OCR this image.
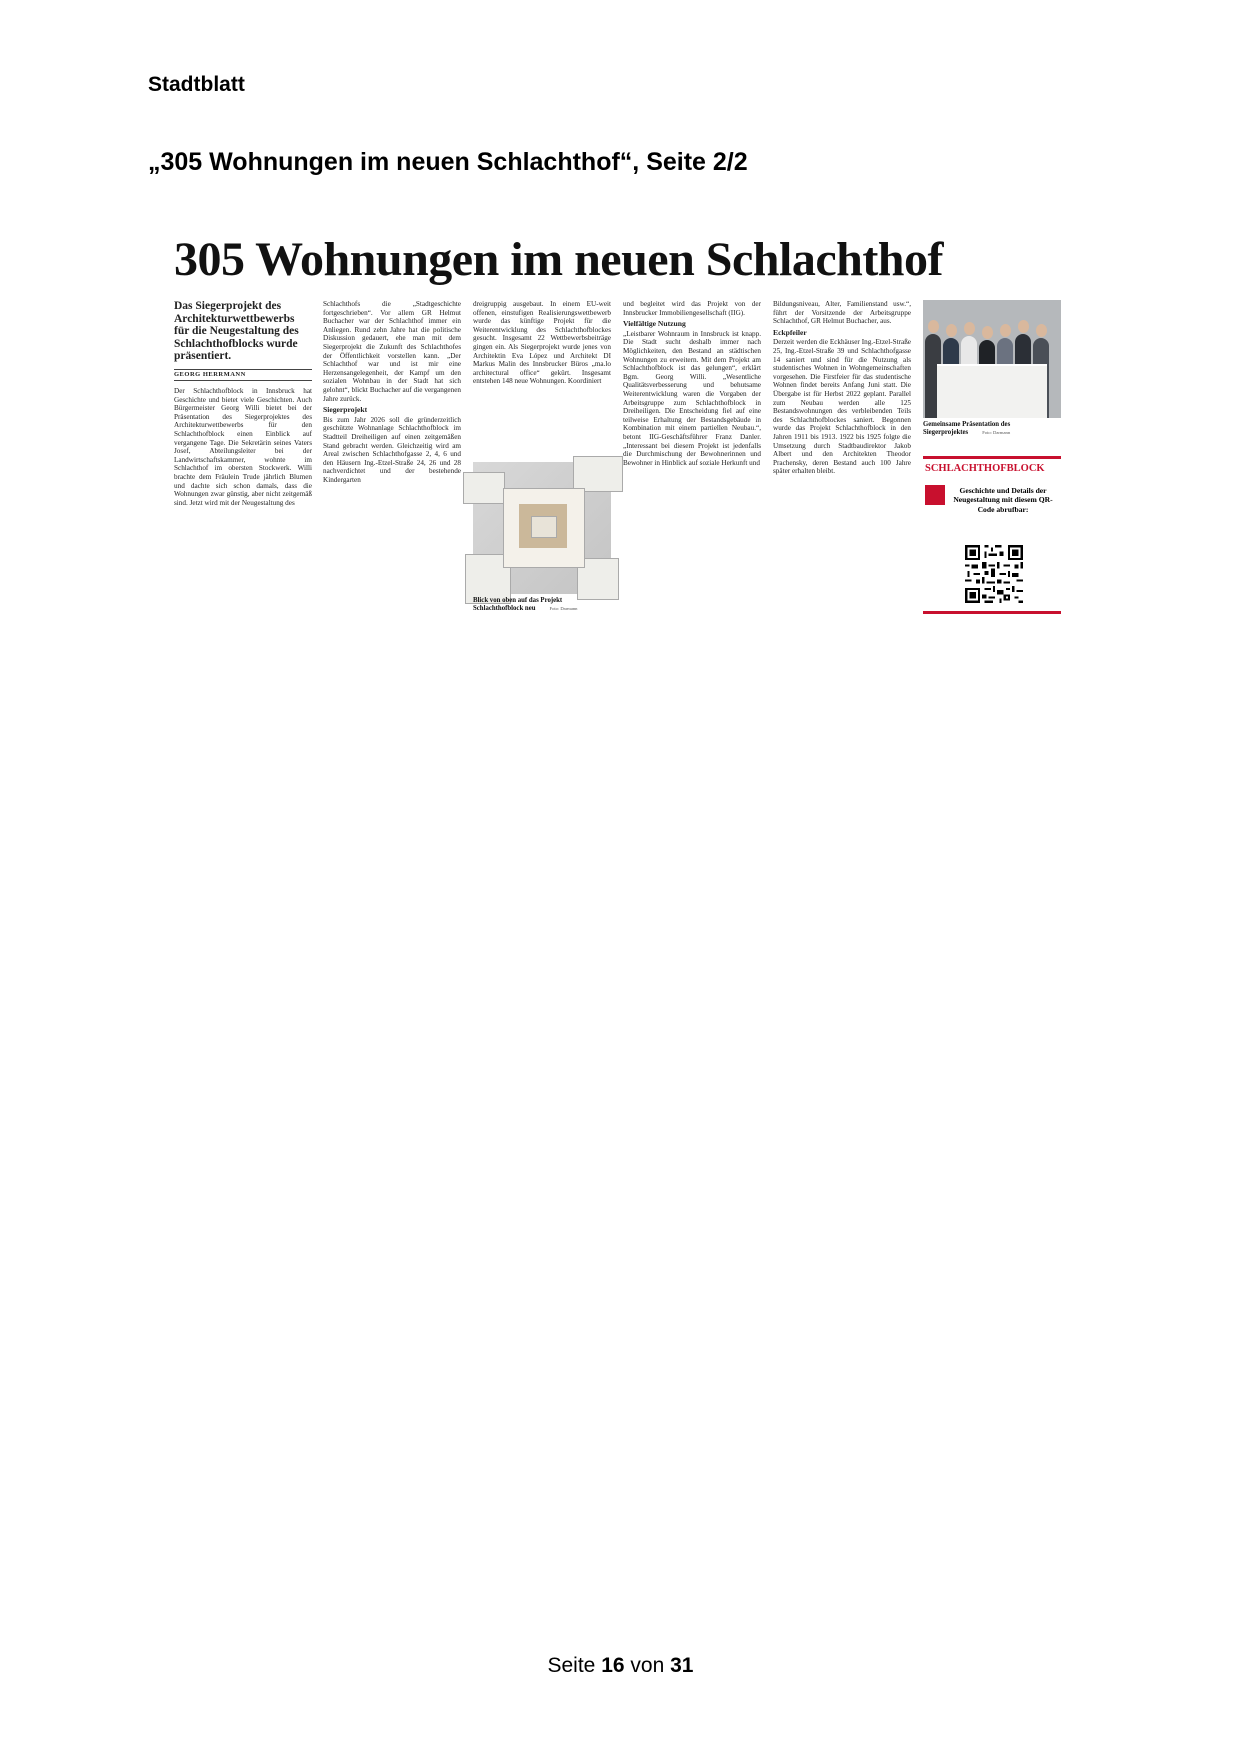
Stadtblatt
„305 Wohnungen im neuen Schlachthof“, Seite 2/2
305 Wohnungen im neuen Schlachthof
Das Siegerprojekt des Architekturwettbewerbs für die Neugestaltung des Schlachthofblocks wurde präsentiert.
GEORG HERRMANN

Der Schlachthofblock in Innsbruck hat Geschichte und bietet viele Geschichten. Auch Bürgermeister Georg Willi bietet bei der Präsentation des Siegerprojektes des Architekturwettbewerbs für den Schlachthofblock einen Einblick auf vergangene Tage. Die Sekretärin seines Vaters Josef, Abteilungsleiter bei der Landwirtschaftskammer, wohnte im Schlachthof im obersten Stockwerk. Willi brachte dem Fräulein Trude jährlich Blumen und dachte sich schon damals, dass die Wohnungen zwar günstig, aber nicht zeitgemäß sind. Jetzt wird mit der Neugestaltung des

Schlachthofs die „Stadtgeschichte fortgeschrieben“. Vor allem GR Helmut Buchacher war der Schlachthof immer ein Anliegen. Rund zehn Jahre hat die politische Diskussion gedauert, ehe man mit dem Siegerprojekt die Zukunft des Schlachthofes der Öffentlichkeit vorstellen kann. „Der Schlachthof war und ist mir eine Herzensangelegenheit, der Kampf um den sozialen Wohnbau in der Stadt hat sich gelohnt“, blickt Buchacher auf die vergangenen Jahre zurück.

Siegerprojekt

Bis zum Jahr 2026 soll die gründerzeitlich geschützte Wohnanlage Schlachthofblock im Stadtteil Dreiheiligen auf einen zeitgemäßen Stand gebracht werden. Gleichzeitig wird am Areal zwischen Schlachthofgasse 2, 4, 6 und den Häusern Ing.-Etzel-Straße 24, 26 und 28 nachverdichtet und der bestehende Kindergarten

dreigruppig ausgebaut. In einem EU-weit offenen, einstufigen Realisierungswettbewerb wurde das künftige Projekt für die Weiterentwicklung des Schlachthofblockes gesucht. Insgesamt 22 Wettbewerbsbeiträge gingen ein. Als Siegerprojekt wurde jenes von Architektin Eva López und Architekt DI Markus Malin des Innsbrucker Büros „ma.lo architectural office“ gekürt. Insgesamt entstehen 148 neue Wohnungen. Koordiniert

Blick von oben auf das Projekt Schlachthofblock neu	Foto: Darmann

und begleitet wird das Projekt von der Innsbrucker Immobiliengesellschaft (IIG).

Vielfältige Nutzung

„Leistbarer Wohnraum in Innsbruck ist knapp. Die Stadt sucht deshalb immer nach Möglichkeiten, den Bestand an städtischen Wohnungen zu erweitern. Mit dem Projekt am Schlachthofblock ist das gelungen“, erklärt Bgm. Georg Willi. „Wesentliche Qualitätsverbesserung und behutsame Weiterentwicklung waren die Vorgaben der Arbeitsgruppe zum Schlachthofblock in Dreiheiligen. Die Entscheidung fiel auf eine teilweise Erhaltung der Bestandsgebäude in Kombination mit einem partiellen Neubau.“, betont IIG-Geschäftsführer Franz Danler. „Interessant bei diesem Projekt ist jedenfalls die Durchmischung der Bewohnerinnen und Bewohner in Hinblick auf soziale Herkunft und

Bildungsniveau, Alter, Familienstand usw.“, führt der Vorsitzende der Arbeitsgruppe Schlachthof, GR Helmut Buchacher, aus.

Eckpfeiler

Derzeit werden die Eckhäuser Ing.-Etzel-Straße 25, Ing.-Etzel-Straße 39 und Schlachthofgasse 14 saniert und sind für die Nutzung als studentisches Wohnen in Wohngemeinschaften vorgesehen. Die Firstfeier für das studentische Wohnen findet bereits Anfang Juni statt. Die Übergabe ist für Herbst 2022 geplant. Parallel zum Neubau werden alle 125 Bestandswohnungen des verbleibenden Teils des Schlachthofblockes saniert. Begonnen wurde das Projekt Schlachthofblock in den Jahren 1911 bis 1913. 1922 bis 1925 folgte die Umsetzung durch Stadtbaudirektor Jakob Albert und den Architekten Theodor Prachensky, deren Bestand auch 100 Jahre später erhalten bleibt.

Gemeinsame Präsentation des Siegerprojektes	Foto: Darmann
SCHLACHTHOFBLOCK
Geschichte und Details der Neugestaltung mit diesem QR-Code abrufbar:
Seite 16 von 31
